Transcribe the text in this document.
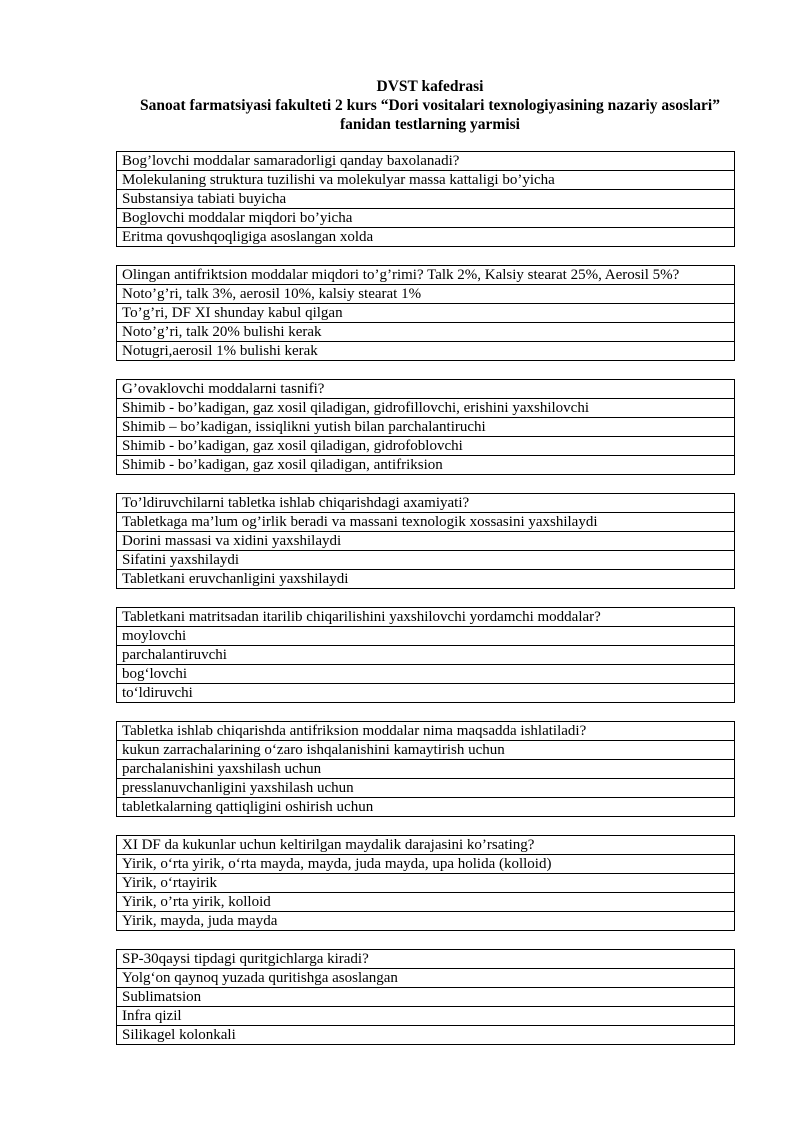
DVST kafedrasi
Sanoat farmatsiyasi fakulteti 2 kurs “Dori vositalari texnologiyasining nazariy asoslari”
fanidan testlarning yarmisi
Bog’lovchi moddalar samaradorligi qanday baxolanadi?
Molekulaning struktura tuzilishi va molekulyar massa kattaligi bo’yicha
Substansiya tabiati buyicha
Boglovchi moddalar miqdori bo’yicha
Eritma qovushqoqligiga asoslangan xolda
Olingan antifriktsion moddalar miqdori to’g’rimi? Talk 2%, Kalsiy stearat 25%, Aerosil 5%?
Noto’g’ri, talk 3%, aerosil 10%, kalsiy stearat 1%
To’g’ri, DF XI shunday kabul qilgan
Noto’g’ri, talk 20% bulishi kerak
Notugri,aerosil 1% bulishi kerak
G’ovaklovchi moddalarni tasnifi?
Shimib - bo’kadigan, gaz xosil qiladigan, gidrofillovchi, erishini yaxshilovchi
Shimib – bo’kadigan, issiqlikni yutish bilan parchalantiruchi
Shimib - bo’kadigan, gaz xosil qiladigan, gidrofoblovchi
Shimib - bo’kadigan, gaz xosil qiladigan, antifriksion
To’ldiruvchilarni tabletka ishlab chiqarishdagi axamiyati?
Tabletkaga ma’lum og’irlik beradi va massani texnologik xossasini yaxshilaydi
Dorini massasi va xidini yaxshilaydi
Sifatini yaxshilaydi
Tabletkani eruvchanligini yaxshilaydi
Tabletkani matritsadan itarilib chiqarilishini yaxshilovchi yordamchi moddalar?
moylovchi
parchalantiruvchi
bog‘lovchi
to‘ldiruvchi
Tabletka ishlab chiqarishda antifriksion moddalar nima maqsadda ishlatiladi?
kukun zarrachalarining o‘zaro ishqalanishini kamaytirish uchun
parchalanishini yaxshilash uchun
presslanuvchanligini yaxshilash uchun
tabletkalarning qattiqligini oshirish uchun
XI DF da kukunlar uchun keltirilgan maydalik darajasini ko’rsating?
Yirik, o‘rta yirik, o‘rta mayda, mayda, juda mayda, upa holida (kolloid)
Yirik, o‘rtayirik
Yirik, o’rta yirik, kolloid
Yirik, mayda, juda mayda
SP-30qaysi tipdagi quritgichlarga kiradi?
Yolg‘on qaynoq yuzada quritishga asoslangan
Sublimatsion
Infra qizil
Silikagel kolonkali
